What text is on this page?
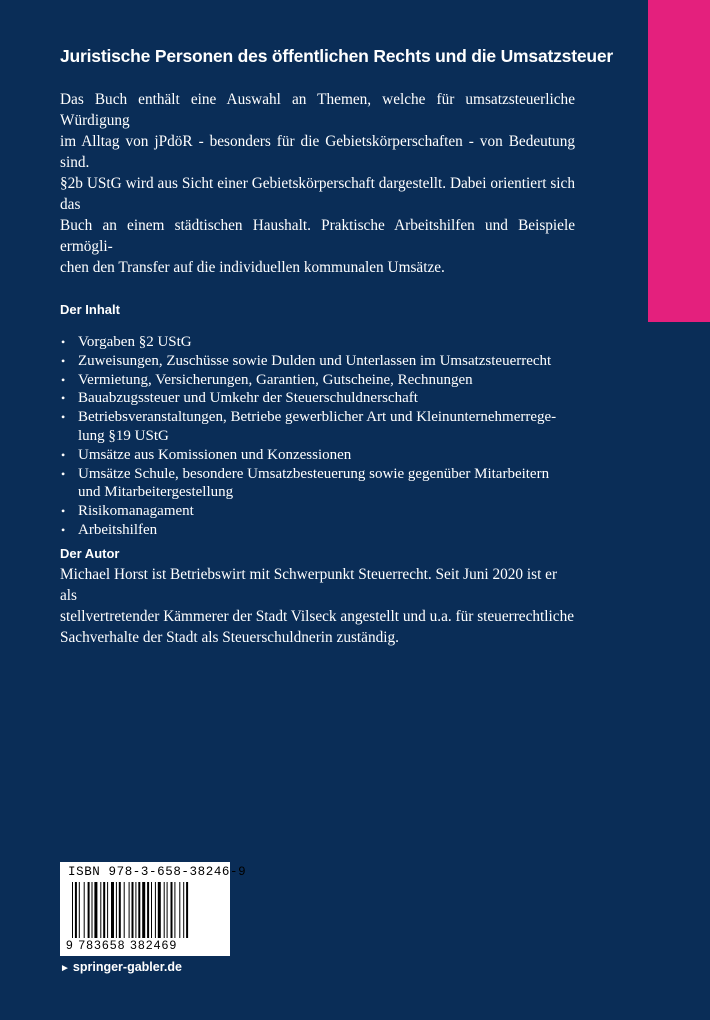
Juristische Personen des öffentlichen Rechts und die Umsatzsteuer

Das Buch enthält eine Auswahl an Themen, welche für umsatzsteuerliche Würdigung
im Alltag von jPdöR - besonders für die Gebietskörperschaften - von Bedeutung sind.
§2b UStG wird aus Sicht einer Gebietskörperschaft dargestellt. Dabei orientiert sich das
Buch an einem städtischen Haushalt. Praktische Arbeitshilfen und Beispiele ermögli-
chen den Transfer auf die individuellen kommunalen Umsätze.

Der Inhalt
• Vorgaben §2 UStG
• Zuweisungen, Zuschüsse sowie Dulden und Unterlassen im Umsatzsteuerrecht
• Vermietung, Versicherungen, Garantien, Gutscheine, Rechnungen
• Bauabzugssteuer und Umkehr der Steuerschuldnerschaft
• Betriebsveranstaltungen, Betriebe gewerblicher Art und Kleinunternehmerrege-
lung §19 UStG
• Umsätze aus Komissionen und Konzessionen
• Umsätze Schule, besondere Umsatzbesteuerung sowie gegenüber Mitarbeitern
und Mitarbeitergestellung
• Risikomanagament
• Arbeitshilfen
Der Autor

Michael Horst ist Betriebswirt mit Schwerpunkt Steuerrecht. Seit Juni 2020 ist er als
stellvertretender Kämmerer der Stadt Vilseck angestellt und u.a. für steuerrechtliche
Sachverhalte der Stadt als Steuerschuldnerin zuständig.

ISBN 978-3-658-38246-9
9 783658 382469
► springer-gabler.de
